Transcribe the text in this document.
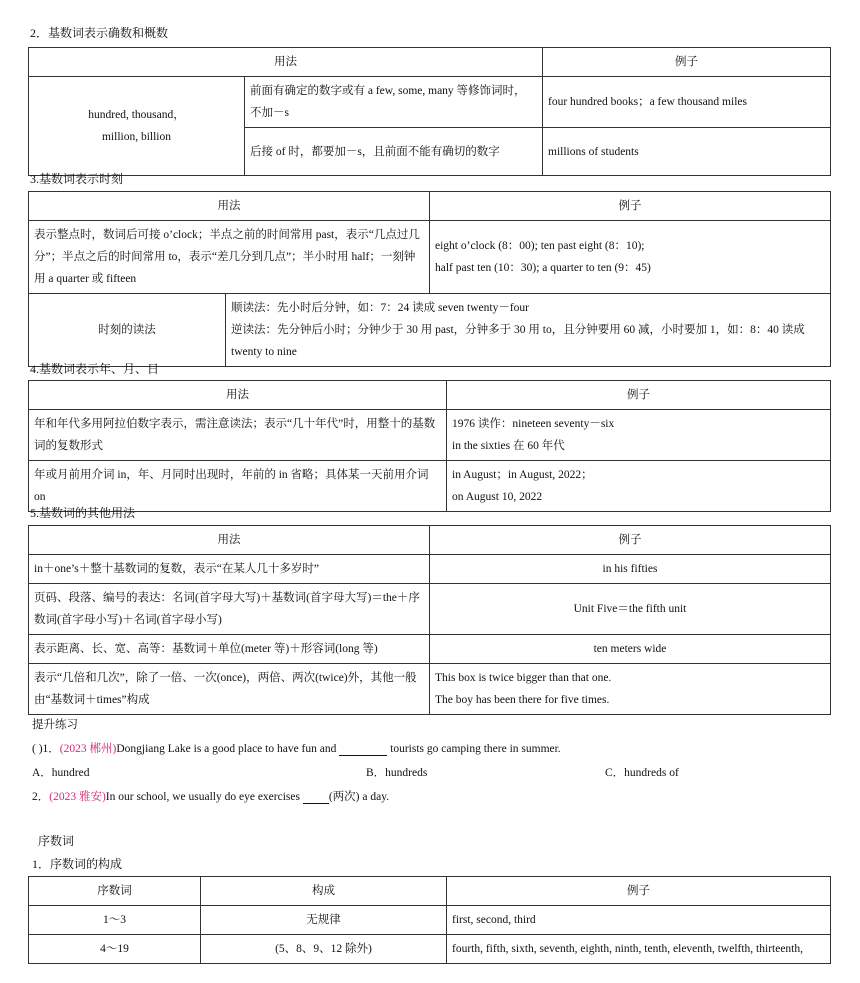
2．基数词表示确数和概数
用法		例子

hundred, thousand，
million, billion	前面有确定的数字或有 a few, some, many 等修饰词时，不加－s	four hundred books；a few thousand miles
	后接 of 时，都要加－s，且前面不能有确切的数字	millions of students
3.基数词表示时刻
用法		例子
表示整点时，数词后可接 o’clock；半点之前的时间常用 past，表示“几点过几分”；半点之后的时间常用 to，表示“差几分到几点”；半小时用 half；一刻钟用 a quarter 或 fifteen		eight o’clock (8：00); ten past eight (8：10);
half past ten (10：30); a quarter to ten (9：45)

时刻的读法	顺读法：先小时后分钟，如：7：24 读成 seven twenty－four
逆读法：先分钟后小时；分钟少于 30 用 past，分钟多于 30 用 to，且分钟要用 60 减，小时要加 1，如：8：40 读成 twenty to nine	
4.基数词表示年、月、日
用法	例子
年和年代多用阿拉伯数字表示，需注意读法；表示“几十年代”时，用整十的基数词的复数形式	1976 读作：nineteen seventy－six
in the sixties 在 60 年代

年或月前用介词 in，年、月同时出现时，年前的 in 省略；具体某一天前用介词 on	in August；in August, 2022；
on August 10, 2022
5.基数词的其他用法
用法	例子
in＋one’s＋整十基数词的复数，表示“在某人几十多岁时”	in his fifties
页码、段落、编号的表达：名词(首字母大写)＋基数词(首字母大写)＝the＋序数词(首字母小写)＋名词(首字母小写)	Unit Five＝the fifth unit
表示距离、长、宽、高等：基数词＋单位(meter 等)＋形容词(long 等)	ten meters wide
表示“几倍和几次”，除了一倍、一次(once)，两倍、两次(twice)外，其他一般由“基数词＋times”构成	This box is twice bigger than that one.
The boy has been there for five times.
提升练习
( )1．(2023 郴州)Dongjiang Lake is a good place to have fun and	tourists go camping there in summer.
A．hundred	B．hundreds	C．hundreds of
2．(2023 雅安)In our school, we usually do eye exercises  (两次) a day.
序数词
1．序数词的构成
序数词	构成	例子
1～3	无规律	first, second, third
4～19	(5、8、9、12 除外)	fourth, fifth, sixth, seventh, eighth, ninth, tenth, eleventh, twelfth, thirteenth,
